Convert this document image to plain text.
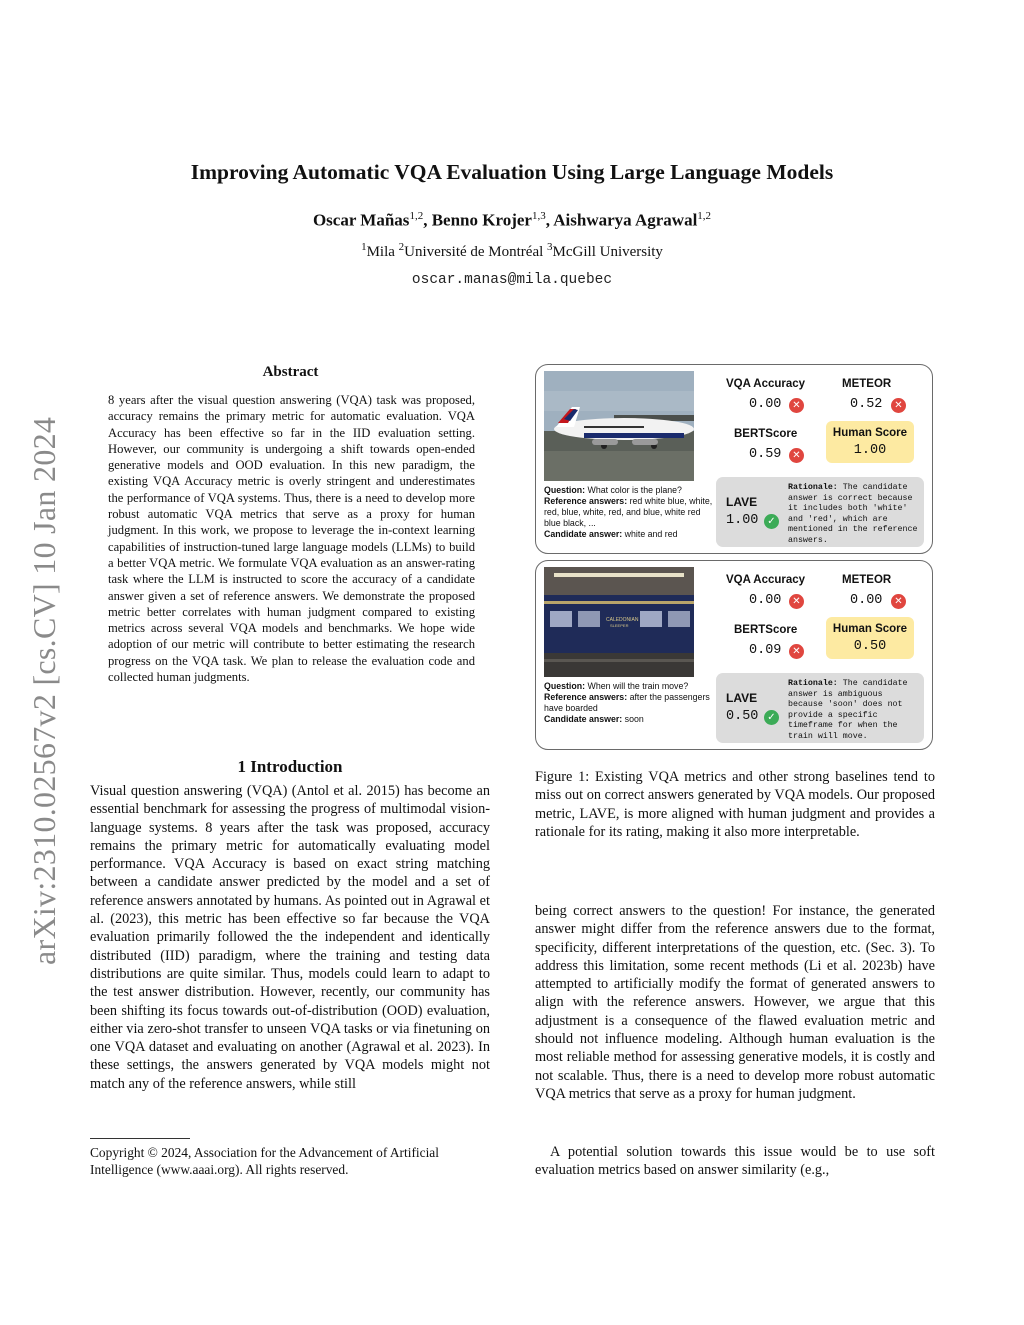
arXiv:2310.02567v2 [cs.CV] 10 Jan 2024
Improving Automatic VQA Evaluation Using Large Language Models
Oscar Mañas$^{1,2}$, Benno Krojer$^{1,3}$, Aishwarya Agrawal$^{1,2}$
$^1$Mila $^2$Université de Montréal $^3$McGill University
oscar.manas@mila.quebec
Abstract
8 years after the visual question answering (VQA) task was proposed, accuracy remains the primary metric for automatic evaluation. VQA Accuracy has been effective so far in the IID evaluation setting. However, our community is undergoing a shift towards open-ended generative models and OOD evaluation. In this new paradigm, the existing VQA Accuracy metric is overly stringent and underestimates the performance of VQA systems. Thus, there is a need to develop more robust automatic VQA metrics that serve as a proxy for human judgment. In this work, we propose to leverage the in-context learning capabilities of instruction-tuned large language models (LLMs) to build a better VQA metric. We formulate VQA evaluation as an answer-rating task where the LLM is instructed to score the accuracy of a candidate answer given a set of reference answers. We demonstrate the proposed metric better correlates with human judgment compared to existing metrics across several VQA models and benchmarks. We hope wide adoption of our metric will contribute to better estimating the research progress on the VQA task. We plan to release the evaluation code and collected human judgments.
1 Introduction
Visual question answering (VQA) (Antol et al. 2015) has become an essential benchmark for assessing the progress of multimodal vision-language systems. 8 years after the task was proposed, accuracy remains the primary metric for automatically evaluating model performance. VQA Accuracy is based on exact string matching between a candidate answer predicted by the model and a set of reference answers annotated by humans. As pointed out in Agrawal et al. (2023), this metric has been effective so far because the VQA evaluation primarily followed the the independent and identically distributed (IID) paradigm, where the training and testing data distributions are quite similar. Thus, models could learn to adapt to the test answer distribution. However, recently, our community has been shifting its focus towards out-of-distribution (OOD) evaluation, either via zero-shot transfer to unseen VQA tasks or via finetuning on one VQA dataset and evaluating on another (Agrawal et al. 2023). In these settings, the answers generated by VQA models might not match any of the reference answers, while still
Copyright © 2024, Association for the Advancement of Artificial Intelligence (www.aaai.org). All rights reserved.
Question: What color is the plane?
Reference answers: red white blue, white, red, blue, white, red, and blue, white red blue black, ...
Candidate answer: white and red
VQA Accuracy
0.00	✕
METEOR
0.52	✕
BERTScore
0.59	✕
Human Score
1.00
LAVE
1.00 ✓
Rationale: The candidate answer is correct because it includes both 'white' and 'red', which are mentioned in the reference answers.
CALEDONIAN
SLEEPER
Question: When will the train move?
Reference answers: after the passengers have boarded
Candidate answer: soon
VQA Accuracy
0.00	✕
METEOR
0.00	✕
BERTScore
0.09	✕
Human Score
0.50
LAVE
0.50 ✓
Rationale: The candidate answer is ambiguous because 'soon' does not provide a specific timeframe for when the train will move.
Figure 1: Existing VQA metrics and other strong baselines tend to miss out on correct answers generated by VQA models. Our proposed metric, LAVE, is more aligned with human judgment and provides a rationale for its rating, making it also more interpretable.
being correct answers to the question! For instance, the generated answer might differ from the reference answers due to the format, specificity, different interpretations of the question, etc. (Sec. 3). To address this limitation, some recent methods (Li et al. 2023b) have attempted to artificially modify the format of generated answers to align with the reference answers. However, we argue that this adjustment is a consequence of the flawed evaluation metric and should not influence modeling. Although human evaluation is the most reliable method for assessing generative models, it is costly and not scalable. Thus, there is a need to develop more robust automatic VQA metrics that serve as a proxy for human judgment.
A potential solution towards this issue would be to use soft evaluation metrics based on answer similarity (e.g.,
